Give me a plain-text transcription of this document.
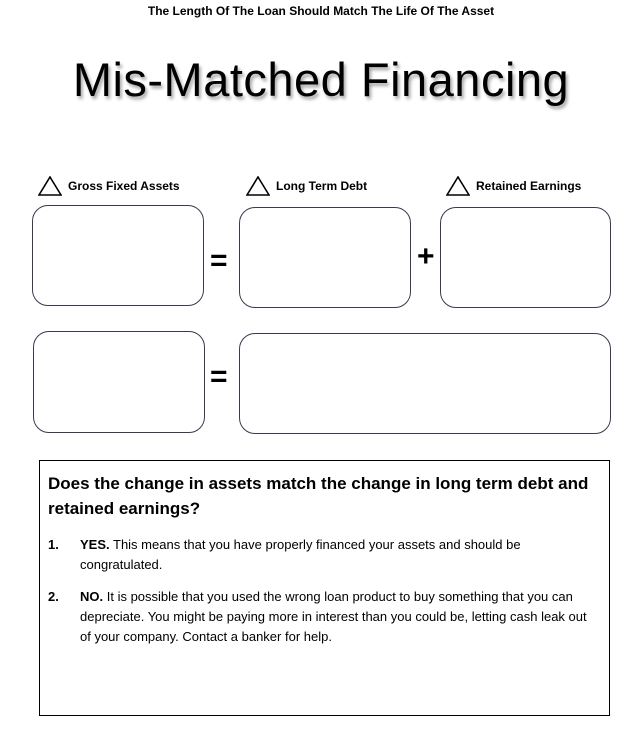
The Length Of The Loan Should Match The Life Of The Asset
Mis-Matched Financing
Gross Fixed Assets	Long Term Debt	Retained Earnings
=	+
=

Does the change in assets match the change in long term debt and retained earnings?

1.	YES. This means that you have properly financed your assets and should be congratulated.
2.	NO. It is possible that you used the wrong loan product to buy something that you can depreciate. You might be paying more in interest than you could be, letting cash leak out of your company. Contact a banker for help.
